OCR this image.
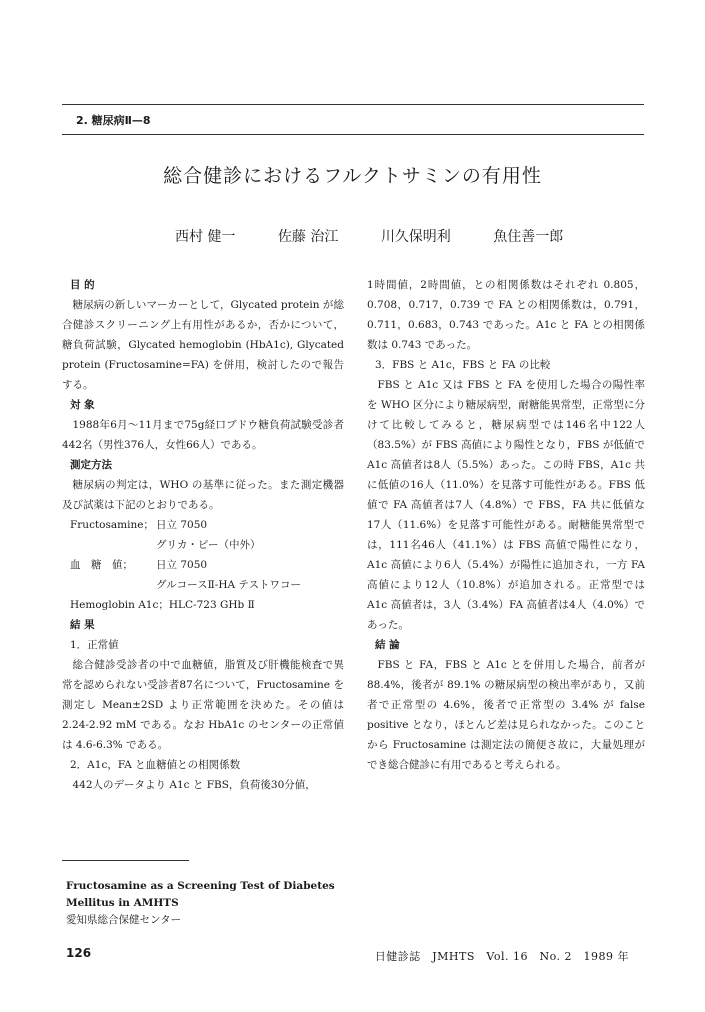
2. 糖尿病Ⅱ—8
総合健診におけるフルクトサミンの有用性
西村 健一	佐藤 治江	川久保明利	魚住善一郎

目 的

糖尿病の新しいマーカーとして，Glycated protein が総合健診スクリーニング上有用性があるか，否かについて，糖負荷試験，Glycated hemoglobin (HbA1c), Glycated protein (Fructosamine=FA) を併用，検討したので報告する。

対 象

1988年6月〜11月まで75g経口ブドウ糖負荷試験受診者442名（男性376人，女性66人）である。

測定方法

糖尿病の判定は，WHO の基準に従った。また測定機器及び試薬は下記のとおりである。

Fructosamine； 日立 7050
グリカ・ピー（中外）
血　糖　値；	日立 7050
グルコースⅡ-HA テストワコー
Hemoglobin A1c；HLC-723 GHb Ⅱ

結 果

1．正常値

総合健診受診者の中で血糖値，脂質及び肝機能検査で異常を認められない受診者87名について，Fructosamine を測定し Mean±2SD より正常範囲を決めた。その値は 2.24-2.92 mM である。なお HbA1c のセンターの正常値は 4.6-6.3% である。

2．A1c，FA と血糖値との相関係数

442人のデータより A1c と FBS，負荷後30分値，

1時間値，2時間値，との相関係数はそれぞれ 0.805，0.708，0.717，0.739 で FA との相関係数は，0.791，0.711，0.683，0.743 であった。A1c と FA との相関係数は 0.743 であった。

3．FBS と A1c，FBS と FA の比較

FBS と A1c 又は FBS と FA を使用した場合の陽性率を WHO 区分により糖尿病型，耐糖能異常型，正常型に分けて比較してみると，糖尿病型では146名中122人（83.5%）が FBS 高値により陽性となり，FBS が低値で A1c 高値者は8人（5.5%）あった。この時 FBS，A1c 共に低値の16人（11.0%）を見落す可能性がある。FBS 低値で FA 高値者は7人（4.8%）で FBS，FA 共に低値な17人（11.6%）を見落す可能性がある。耐糖能異常型では，111名46人（41.1%）は FBS 高値で陽性になり，A1c 高値により6人（5.4%）が陽性に追加され，一方 FA 高値により12人（10.8%）が追加される。正常型では A1c 高値者は，3人（3.4%）FA 高値者は4人（4.0%）であった。

結 論

FBS と FA，FBS と A1c とを併用した場合，前者が88.4%，後者が 89.1% の糖尿病型の検出率があり，又前者で正常型の 4.6%，後者で正常型の 3.4% が false positive となり，ほとんど差は見られなかった。このことから Fructosamine は測定法の簡便さ故に，大量処理ができ総合健診に有用であると考えられる。

Fructosamine as a Screening Test of Diabetes
Mellitus in AMHTS
愛知県総合保健センター
126	日健診誌　JMHTS　Vol. 16　No. 2　1989 年
